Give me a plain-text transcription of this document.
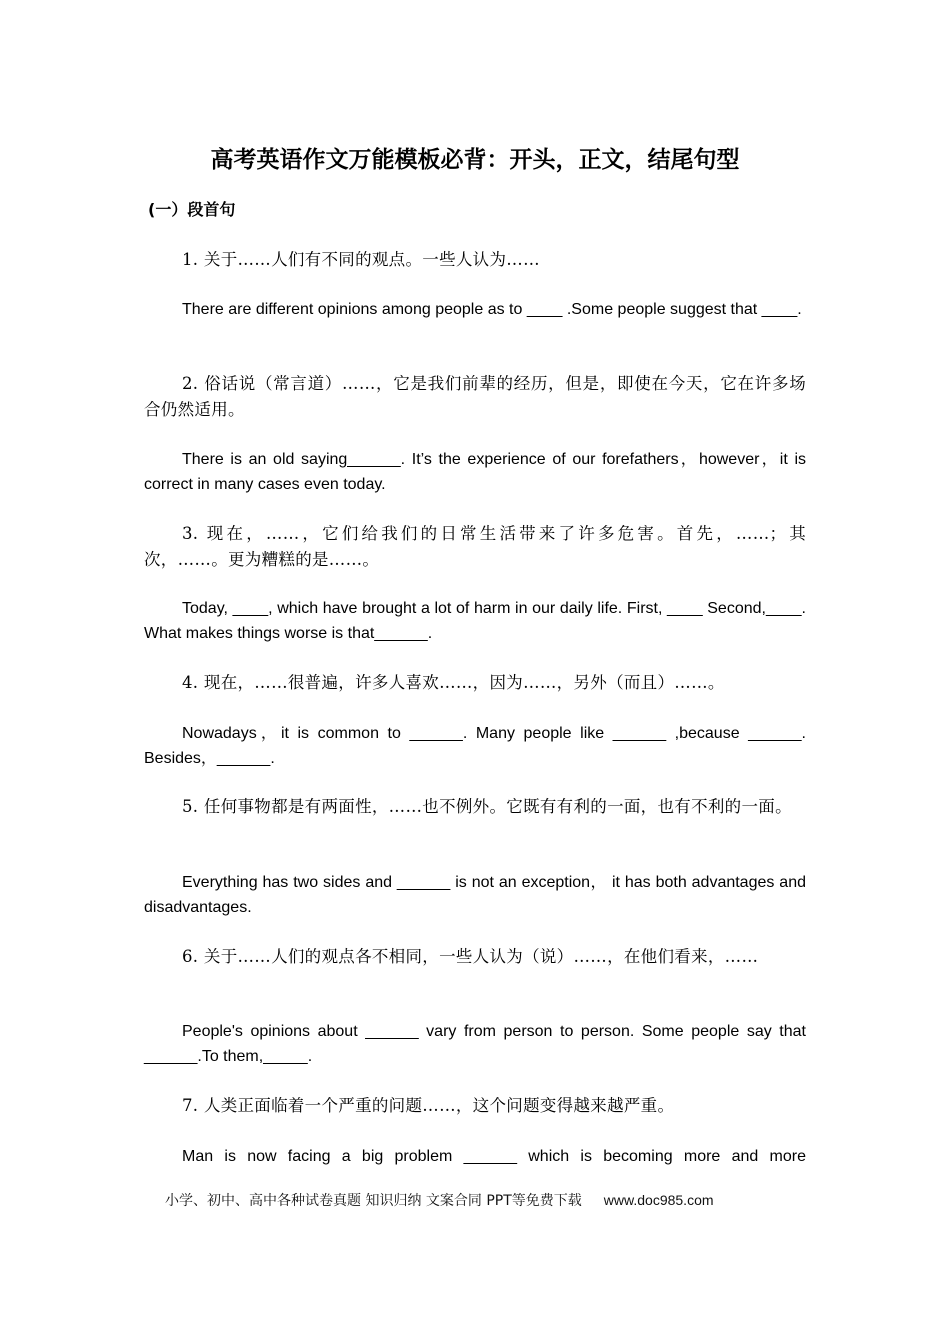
高考英语作文万能模板必背：开头，正文，结尾句型
(一）段首句

1. 关于……人们有不同的观点。一些人认为……

There are different opinions among people as to ____ .Some people suggest that ____.

2. 俗话说（常言道）……，它是我们前辈的经历，但是，即使在今天，它在许多场合仍然适用。

There is an old saying______. It’s the experience of our forefathers，however，it is correct in many cases even today.

3. 现在，……，它们给我们的日常生活带来了许多危害。首先，……；其次，……。更为糟糕的是……。

Today, ____, which have brought a lot of harm in our daily life. First, ____ Second,____. What makes things worse is that______.

4. 现在，……很普遍，许多人喜欢……，因为……，另外（而且）……。

Nowadays，it is common to ______. Many people like ______ ,because ______. Besides，______.

5. 任何事物都是有两面性，……也不例外。它既有有利的一面，也有不利的一面。

Everything has two sides and ______ is not an exception， it has both advantages and disadvantages.

6. 关于……人们的观点各不相同，一些人认为（说）……，在他们看来，……

People's opinions about ______ vary from person to person. Some people say that ______.To them,_____.

7. 人类正面临着一个严重的问题……，这个问题变得越来越严重。

Man is now facing a big problem ______ which is becoming more and more

小学、初中、高中各种试卷真题 知识归纳 文案合同 PPT等免费下载 www.doc985.com
